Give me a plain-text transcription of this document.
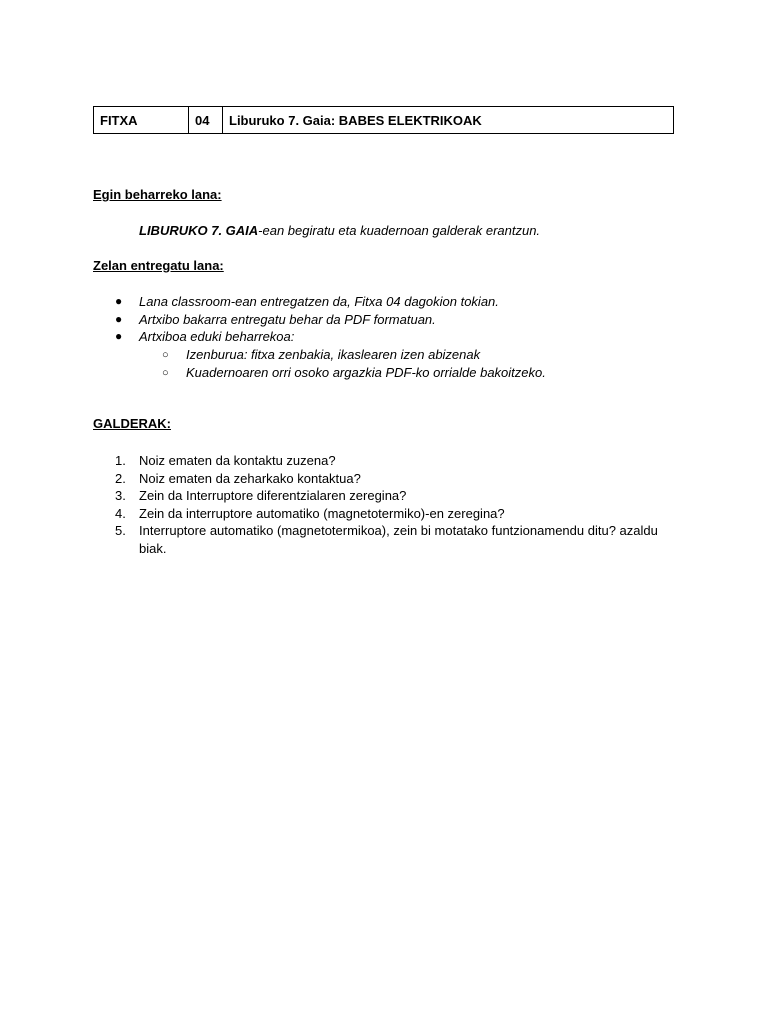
FITXA	04	Liburuko 7. Gaia: BABES ELEKTRIKOAK

Egin beharreko lana:

LIBURUKO 7. GAIA-ean begiratu eta kuadernoan galderak erantzun.

Zelan entregatu lana:

● Lana classroom-ean entregatzen da, Fitxa 04 dagokion tokian.
● Artxibo bakarra entregatu behar da PDF formatuan.
● Artxiboa eduki beharrekoa:
○ Izenburua: fitxa zenbakia, ikaslearen izen abizenak
○ Kuadernoaren orri osoko argazkia PDF-ko orrialde bakoitzeko.

GALDERAK:

1. Noiz ematen da kontaktu zuzena?
2. Noiz ematen da zeharkako kontaktua?
3. Zein da Interruptore diferentzialaren zeregina?
4. Zein da interruptore automatiko (magnetotermiko)-en zeregina?
5. Interruptore automatiko (magnetotermikoa), zein bi motatako funtzionamendu ditu? azaldu biak.
